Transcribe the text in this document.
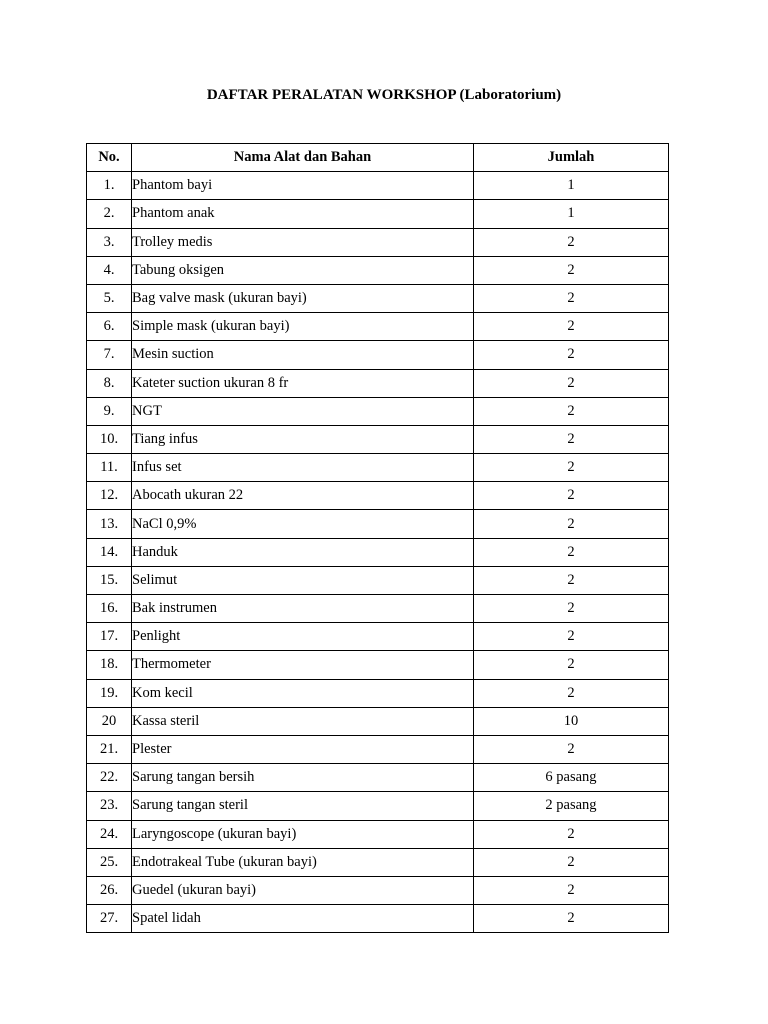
DAFTAR PERALATAN WORKSHOP (Laboratorium)
No.	Nama Alat dan Bahan	Jumlah
1.	Phantom bayi	1
2.	Phantom anak	1
3.	Trolley medis	2
4.	Tabung oksigen	2
5.	Bag valve mask (ukuran bayi)	2
6.	Simple mask (ukuran bayi)	2
7.	Mesin suction	2
8.	Kateter suction ukuran 8 fr	2
9.	NGT	2
10.	Tiang infus	2
11.	Infus set	2
12.	Abocath ukuran 22	2
13.	NaCl 0,9%	2
14.	Handuk	2
15.	Selimut	2
16.	Bak instrumen	2
17.	Penlight	2
18.	Thermometer	2
19.	Kom kecil	2
20	Kassa steril	10
21.	Plester	2
22.	Sarung tangan bersih	6 pasang
23.	Sarung tangan steril	2 pasang
24.	Laryngoscope (ukuran bayi)	2
25.	Endotrakeal Tube (ukuran bayi)	2
26.	Guedel (ukuran bayi)	2
27.	Spatel lidah	2
